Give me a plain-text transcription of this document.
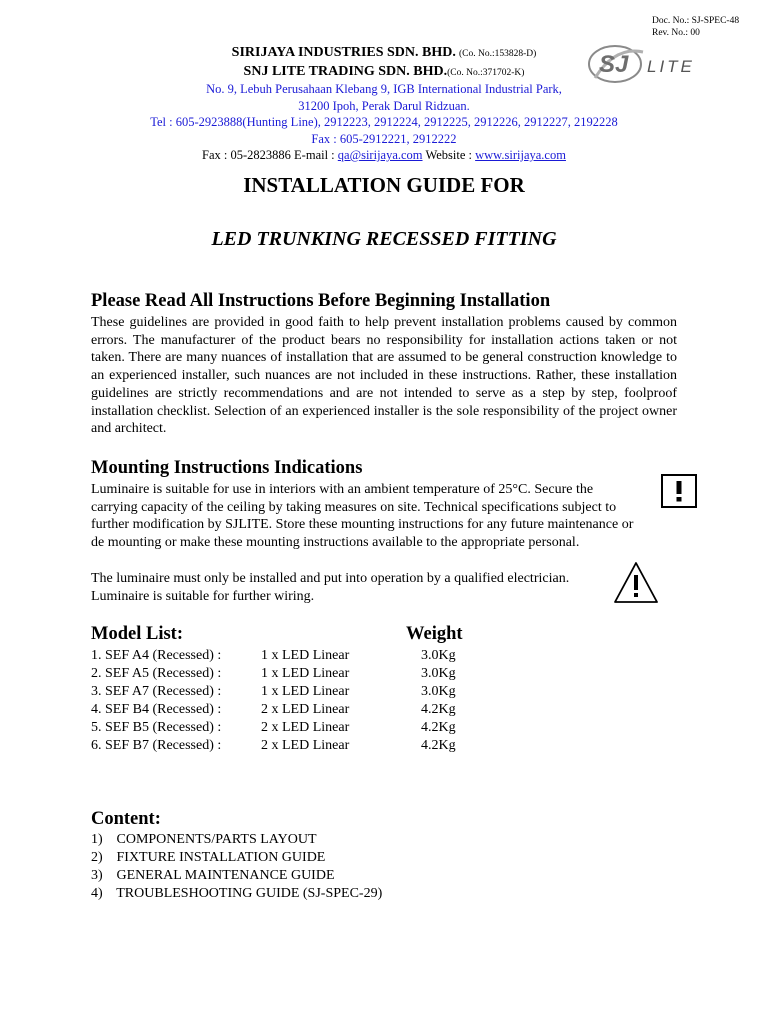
Doc. No.: SJ-SPEC-48
Rev. No.: 00
SIRIJAYA INDUSTRIES SDN. BHD. (Co. No.:153828-D)
SNJ LITE TRADING SDN. BHD.(Co. No.:371702-K)
No. 9, Lebuh Perusahaan Klebang 9, IGB International Industrial Park,
31200 Ipoh, Perak Darul Ridzuan.
Tel : 605-2923888(Hunting Line), 2912223, 2912224, 2912225, 2912226, 2912227, 2192228
Fax : 605-2912221, 2912222
Fax : 05-2823886 E-mail : qa@sirijaya.com Website : www.sirijaya.com
SJ LITE
INSTALLATION GUIDE FOR
LED TRUNKING RECESSED FITTING
Please Read All Instructions Before Beginning Installation
These guidelines are provided in good faith to help prevent installation problems caused by common errors. The manufacturer of the product bears no responsibility for installation actions taken or not taken. There are many nuances of installation that are assumed to be general construction knowledge to an experienced installer, such nuances are not included in these instructions. Rather, these installation guidelines are strictly recommendations and are not intended to serve as a step by step, foolproof installation checklist. Selection of an experienced installer is the sole responsibility of the project owner and architect.
Mounting Instructions Indications
Luminaire is suitable for use in interiors with an ambient temperature of 25°C. Secure the
carrying capacity of the ceiling by taking measures on site. Technical specifications subject to
further modification by SJLITE. Store these mounting instructions for any future maintenance or
de mounting or make these mounting instructions available to the appropriate personal.
The luminaire must only be installed and put into operation by a qualified electrician.
Luminaire is suitable for further wiring.
Model List:	Weight
1. SEF A4 (Recessed) :	1 x LED Linear	3.0Kg
2. SEF A5 (Recessed) :	1 x LED Linear	3.0Kg
3. SEF A7 (Recessed) :	1 x LED Linear	3.0Kg
4. SEF B4 (Recessed) :	2 x LED Linear	4.2Kg
5. SEF B5 (Recessed) :	2 x LED Linear	4.2Kg
6. SEF B7 (Recessed) :	2 x LED Linear	4.2Kg
Content:
1) COMPONENTS/PARTS LAYOUT
2) FIXTURE INSTALLATION GUIDE
3) GENERAL MAINTENANCE GUIDE
4) TROUBLESHOOTING GUIDE (SJ-SPEC-29)
